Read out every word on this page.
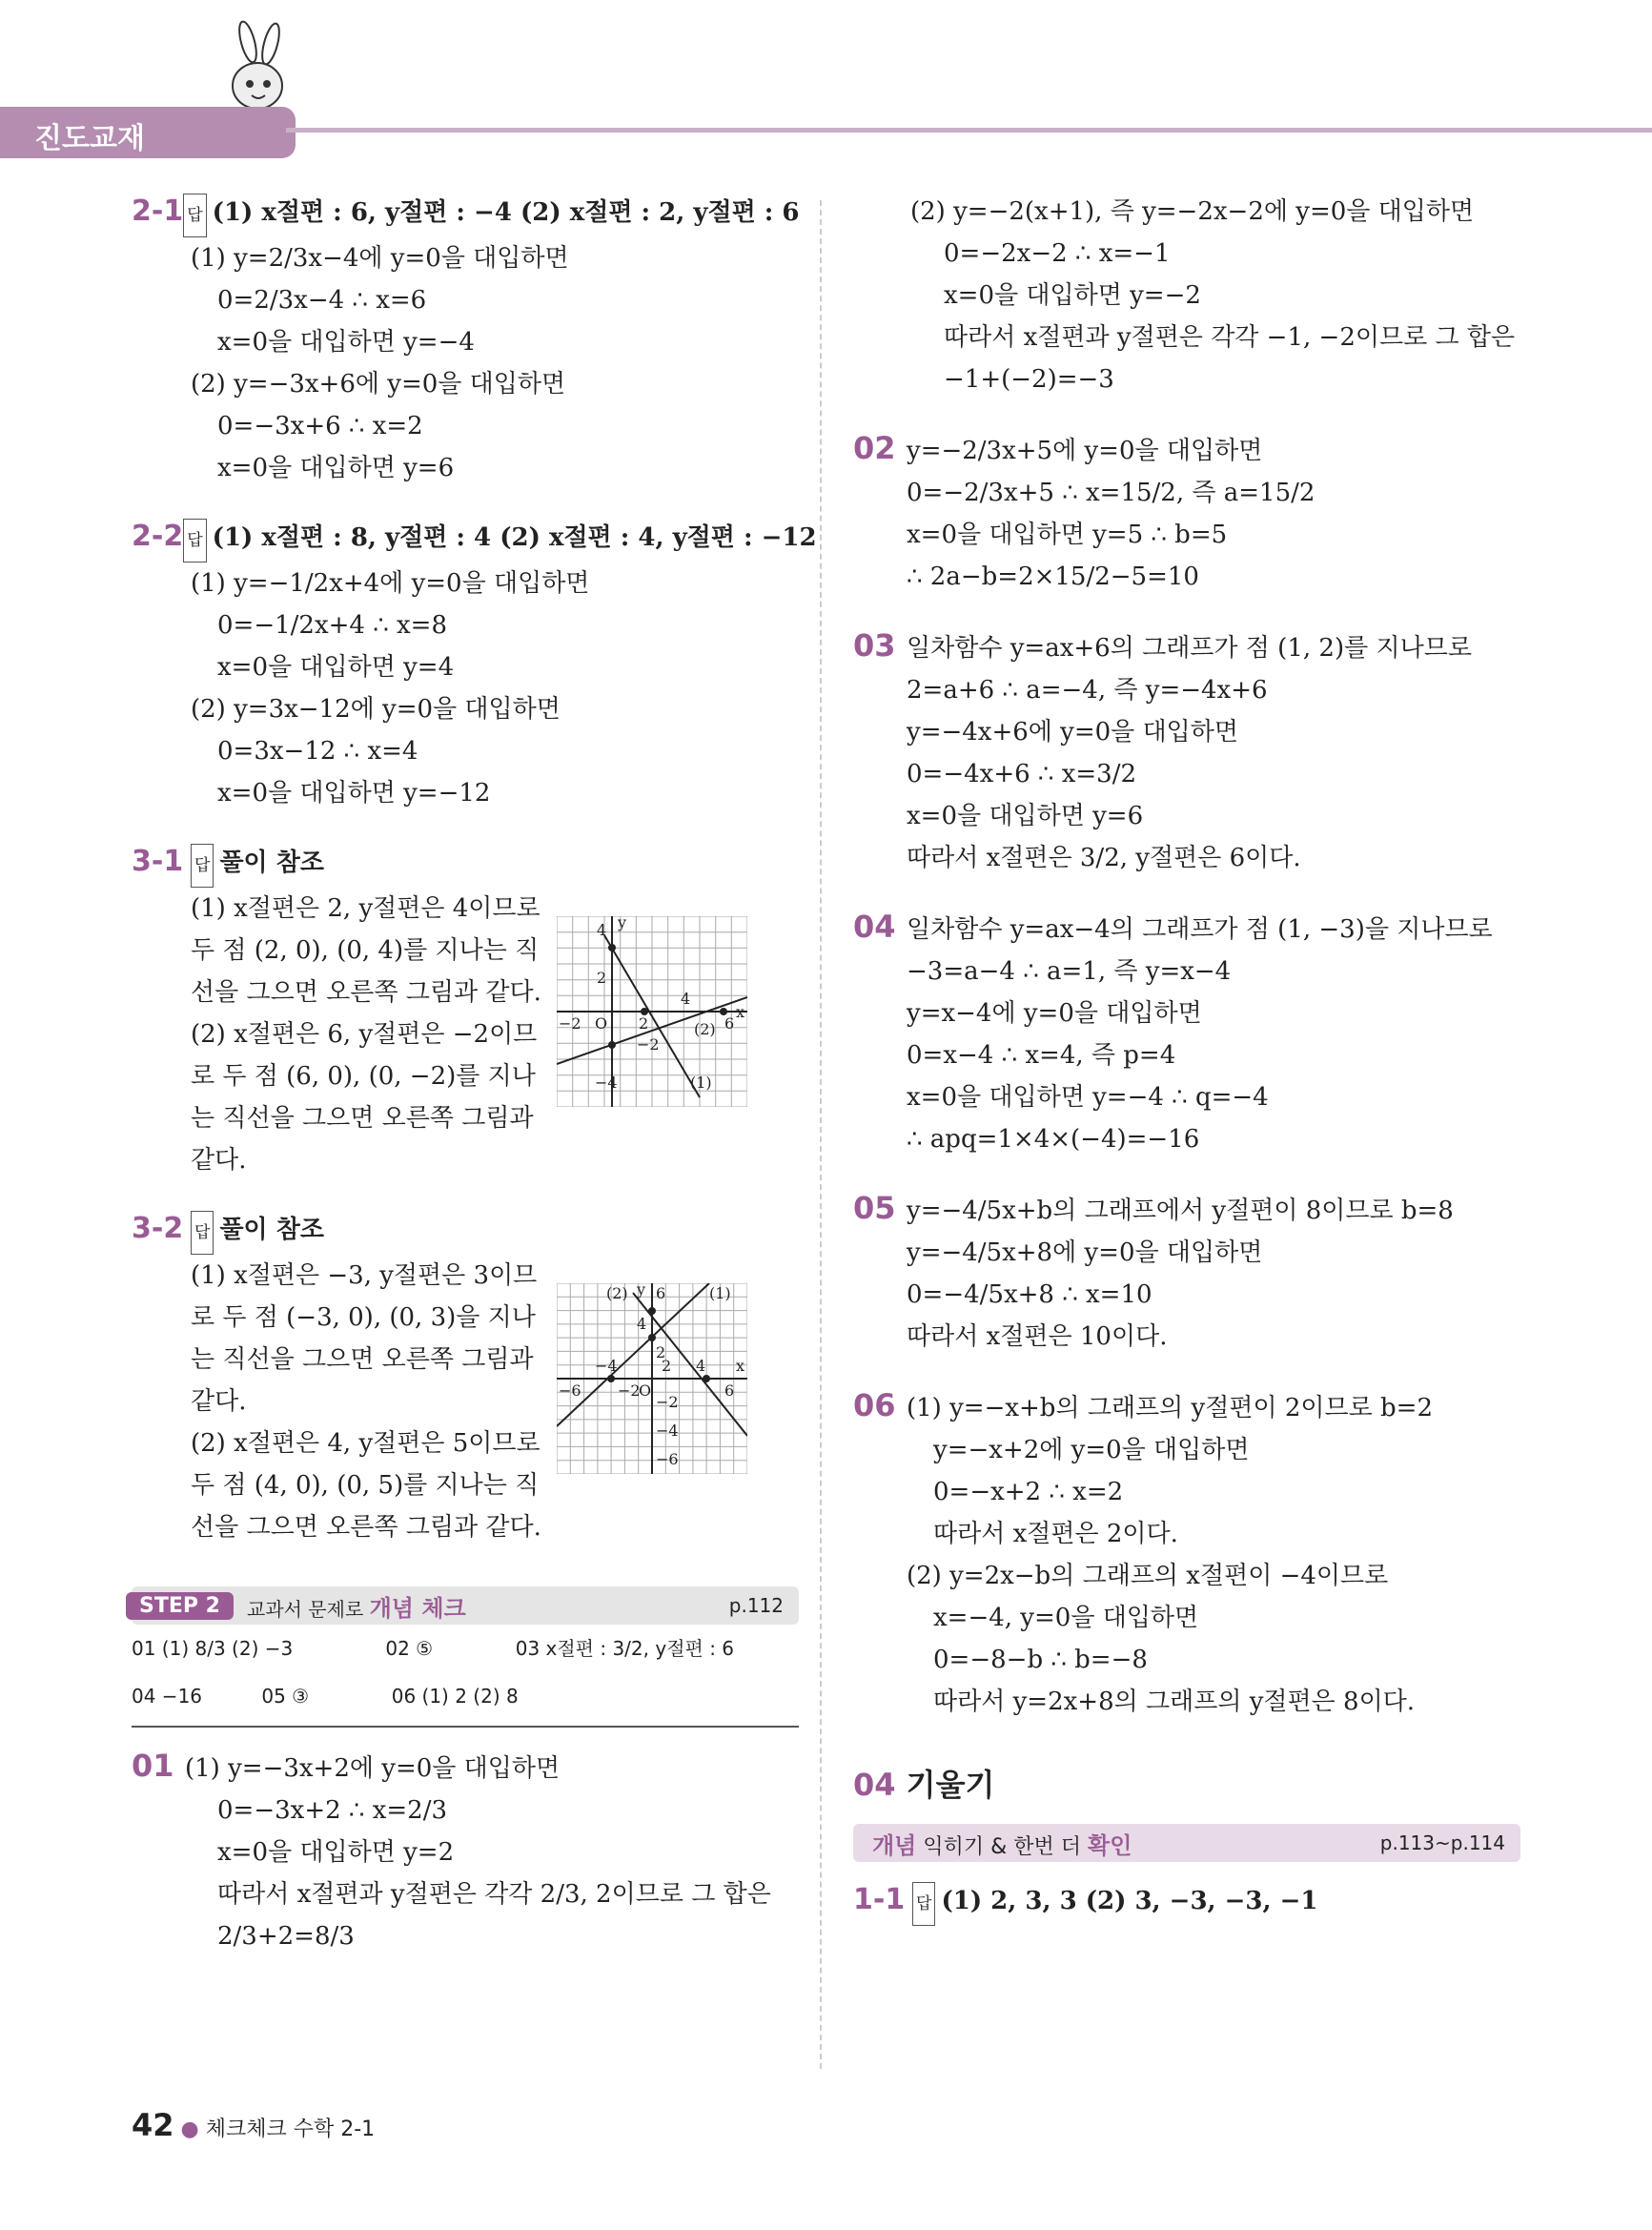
진도교재
2-1 답 (1) x절편 : 6, y절편 : −4 (2) x절편 : 2, y절편 : 6
(1) y=2/3x−4에 y=0을 대입하면
0=2/3x−4 ∴ x=6
x=0을 대입하면 y=−4
(2) y=−3x+6에 y=0을 대입하면
0=−3x+6 ∴ x=2
x=0을 대입하면 y=6
2-2 답 (1) x절편 : 8, y절편 : 4 (2) x절편 : 4, y절편 : −12
(1) y=−1/2x+4에 y=0을 대입하면
0=−1/2x+4 ∴ x=8
x=0을 대입하면 y=4
(2) y=3x−12에 y=0을 대입하면
0=3x−12 ∴ x=4
x=0을 대입하면 y=−12
3-1 답 풀이 참조
(1) x절편은 2, y절편은 4이므로 두 점 (2, 0), (0, 4)를 지나는 직선을 그으면 오른쪽 그림과 같다.
(2) x절편은 6, y절편은 −2이므로 두 점 (6, 0), (0, −2)를 지나는 직선을 그으면 오른쪽 그림과 같다.
4
2
−2 O 2
4
6
−2
−4	(1)
(2)
x
y
3-2 답 풀이 참조
(1) x절편은 −3, y절편은 3이므로 두 점 (−3, 0), (0, 3)을 지나는 직선을 그으면 오른쪽 그림과 같다.
(2) x절편은 4, y절편은 5이므로 두 점 (4, 0), (0, 5)를 지나는 직선을 그으면 오른쪽 그림과 같다.
(2) 6	(1)
4
2
−6
−4
−2
O
2 4
6
−2
−4
−6
x
y
STEP 2	교과서 문제로 개념 체크	p.112
01 (1) 8/3 (2) −3	02 ⑤	03 x절편 : 3/2, y절편 : 6
04 −16	05 ③	06 (1) 2 (2) 8
01 (1) y=−3x+2에 y=0을 대입하면
0=−3x+2 ∴ x=2/3
x=0을 대입하면 y=2
따라서 x절편과 y절편은 각각 2/3, 2이므로 그 합은
2/3+2=8/3
(2) y=−2(x+1), 즉 y=−2x−2에 y=0을 대입하면
0=−2x−2 ∴ x=−1
x=0을 대입하면 y=−2
따라서 x절편과 y절편은 각각 −1, −2이므로 그 합은
−1+(−2)=−3
02 y=−2/3x+5에 y=0을 대입하면
0=−2/3x+5 ∴ x=15/2, 즉 a=15/2
x=0을 대입하면 y=5 ∴ b=5
∴ 2a−b=2×15/2−5=10
03 일차함수 y=ax+6의 그래프가 점 (1, 2)를 지나므로
2=a+6 ∴ a=−4, 즉 y=−4x+6
y=−4x+6에 y=0을 대입하면
0=−4x+6 ∴ x=3/2
x=0을 대입하면 y=6
따라서 x절편은 3/2, y절편은 6이다.
04 일차함수 y=ax−4의 그래프가 점 (1, −3)을 지나므로
−3=a−4 ∴ a=1, 즉 y=x−4
y=x−4에 y=0을 대입하면
0=x−4 ∴ x=4, 즉 p=4
x=0을 대입하면 y=−4 ∴ q=−4
∴ apq=1×4×(−4)=−16
05 y=−4/5x+b의 그래프에서 y절편이 8이므로 b=8
y=−4/5x+8에 y=0을 대입하면
0=−4/5x+8 ∴ x=10
따라서 x절편은 10이다.
06 (1) y=−x+b의 그래프의 y절편이 2이므로 b=2
y=−x+2에 y=0을 대입하면
0=−x+2 ∴ x=2
따라서 x절편은 2이다.
(2) y=2x−b의 그래프의 x절편이 −4이므로
x=−4, y=0을 대입하면
0=−8−b ∴ b=−8
따라서 y=2x+8의 그래프의 y절편은 8이다.
04 기울기
개념 익히기 & 한번 더 확인	p.113~p.114
1-1 답 (1) 2, 3, 3 (2) 3, −3, −3, −1
42 ● 체크체크 수학 2-1
